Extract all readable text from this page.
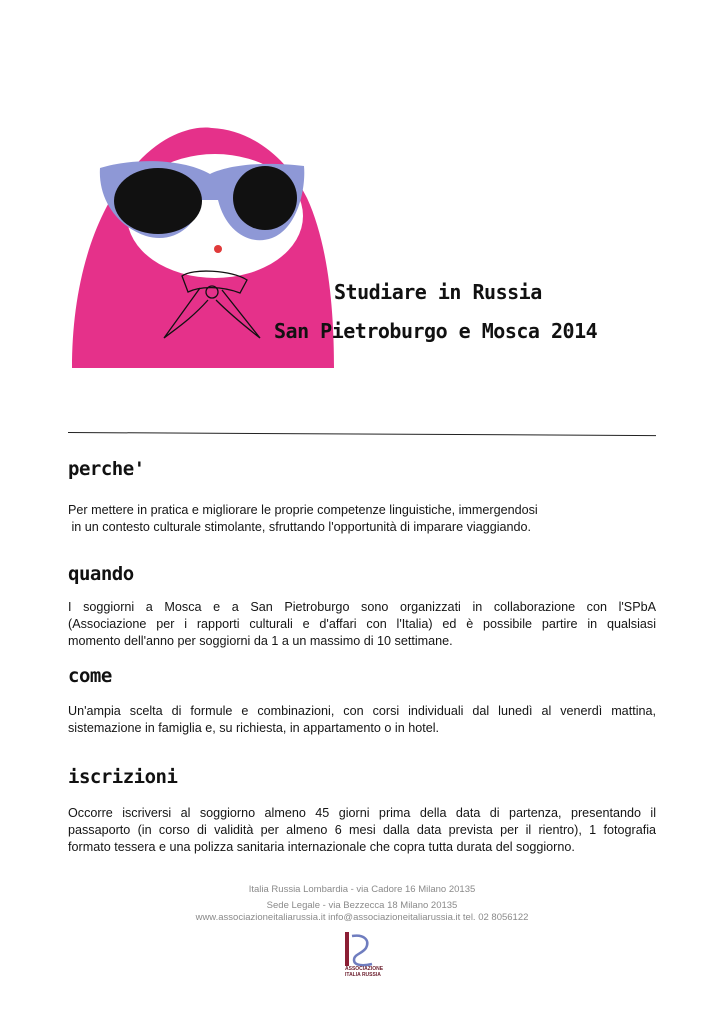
Studiare in Russia
San Pietroburgo e Mosca 2014
perche'
Per mettere in pratica e migliorare le proprie competenze linguistiche, immergendosi
in un contesto culturale stimolante, sfruttando l'opportunità di imparare viaggiando.
quando
I soggiorni a Mosca e a San Pietroburgo sono organizzati in collaborazione con l'SPbA
(Associazione per i rapporti culturali e d'affari con l'Italia) ed è possibile partire in qualsiasi
momento dell'anno per soggiorni da 1 a un massimo di 10 settimane.
come
Un'ampia scelta di formule e combinazioni, con corsi individuali dal lunedì al venerdì mattina,
sistemazione in famiglia e, su richiesta, in appartamento o in hotel.
iscrizioni
Occorre iscriversi al soggiorno almeno 45 giorni prima della data di partenza, presentando il
passaporto (in corso di validità per almeno 6 mesi dalla data prevista per il rientro), 1 fotografia
formato tessera e una polizza sanitaria internazionale che copra tutta durata del soggiorno.
Italia Russia Lombardia - via Cadore 16 Milano 20135
Sede Legale - via Bezzecca 18 Milano 20135
www.associazioneitaliarussia.it info@associazioneitaliarussia.it tel. 02 8056122
ASSOCIAZIONE
ITALIA RUSSIA
